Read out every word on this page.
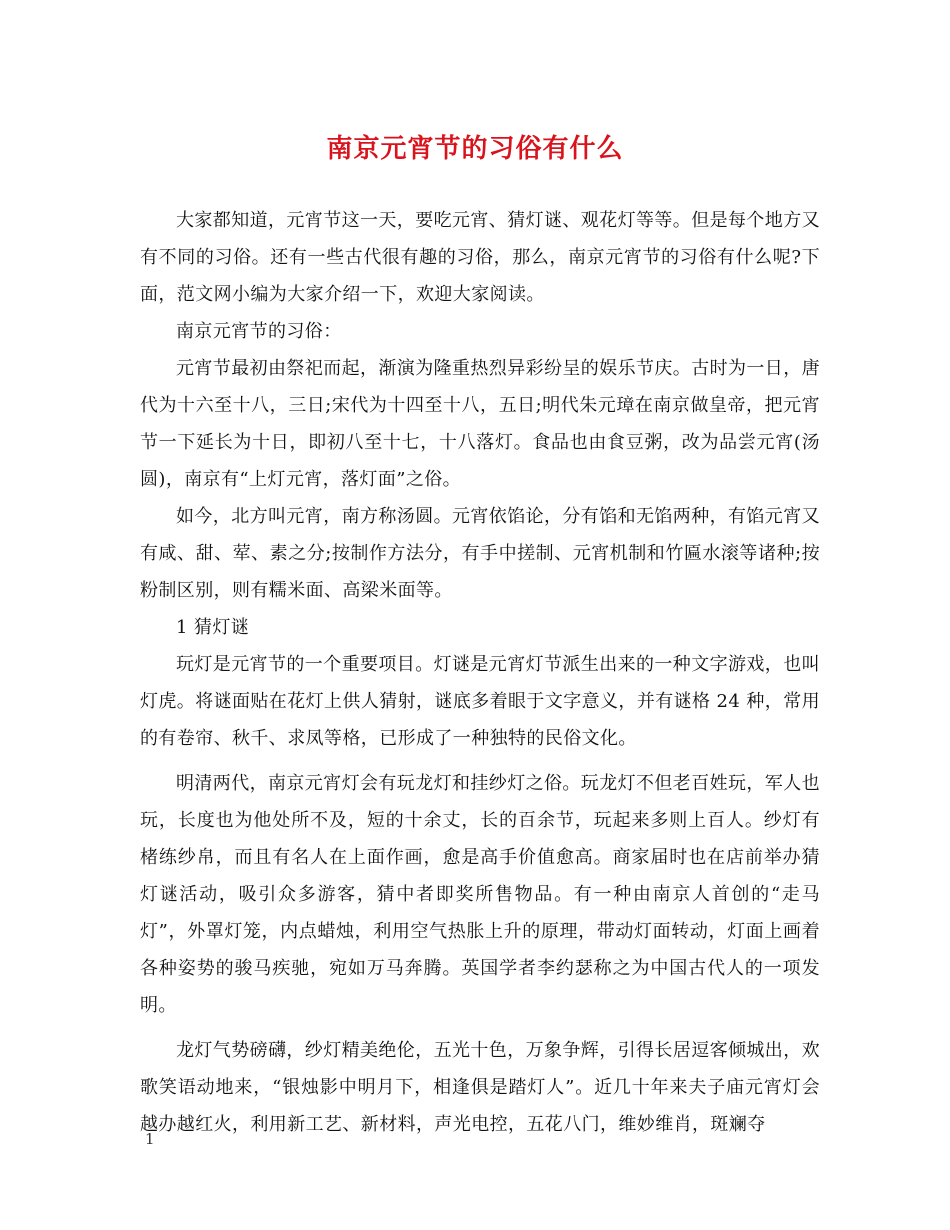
南京元宵节的习俗有什么

大家都知道，元宵节这一天，要吃元宵、猜灯谜、观花灯等等。但是每个地方又有不同的习俗。还有一些古代很有趣的习俗，那么，南京元宵节的习俗有什么呢?下面，范文网小编为大家介绍一下，欢迎大家阅读。

南京元宵节的习俗：

元宵节最初由祭祀而起，渐演为隆重热烈异彩纷呈的娱乐节庆。古时为一日，唐代为十六至十八，三日;宋代为十四至十八，五日;明代朱元璋在南京做皇帝，把元宵节一下延长为十日，即初八至十七，十八落灯。食品也由食豆粥，改为品尝元宵(汤圆)，南京有“上灯元宵，落灯面”之俗。

如今，北方叫元宵，南方称汤圆。元宵依馅论，分有馅和无馅两种，有馅元宵又有咸、甜、荤、素之分;按制作方法分，有手中搓制、元宵机制和竹匾水滚等诸种;按粉制区别，则有糯米面、高梁米面等。

1 猜灯谜

玩灯是元宵节的一个重要项目。灯谜是元宵灯节派生出来的一种文字游戏，也叫灯虎。将谜面贴在花灯上供人猜射，谜底多着眼于文字意义，并有谜格 24 种，常用的有卷帘、秋千、求凤等格，已形成了一种独特的民俗文化。

明清两代，南京元宵灯会有玩龙灯和挂纱灯之俗。玩龙灯不但老百姓玩，军人也玩，长度也为他处所不及，短的十余丈，长的百余节，玩起来多则上百人。纱灯有楮练纱帛，而且有名人在上面作画，愈是高手价值愈高。商家届时也在店前举办猜灯谜活动，吸引众多游客，猜中者即奖所售物品。有一种由南京人首创的“走马灯”，外罩灯笼，内点蜡烛，利用空气热胀上升的原理，带动灯面转动，灯面上画着各种姿势的骏马疾驰，宛如万马奔腾。英国学者李约瑟称之为中国古代人的一项发明。

龙灯气势磅礴，纱灯精美绝伦，五光十色，万象争辉，引得长居逗客倾城出，欢歌笑语动地来，“银烛影中明月下，相逢俱是踏灯人”。近几十年来夫子庙元宵灯会越办越红火，利用新工艺、新材料，声光电控，五花八门，维妙维肖，斑斓夺

1
